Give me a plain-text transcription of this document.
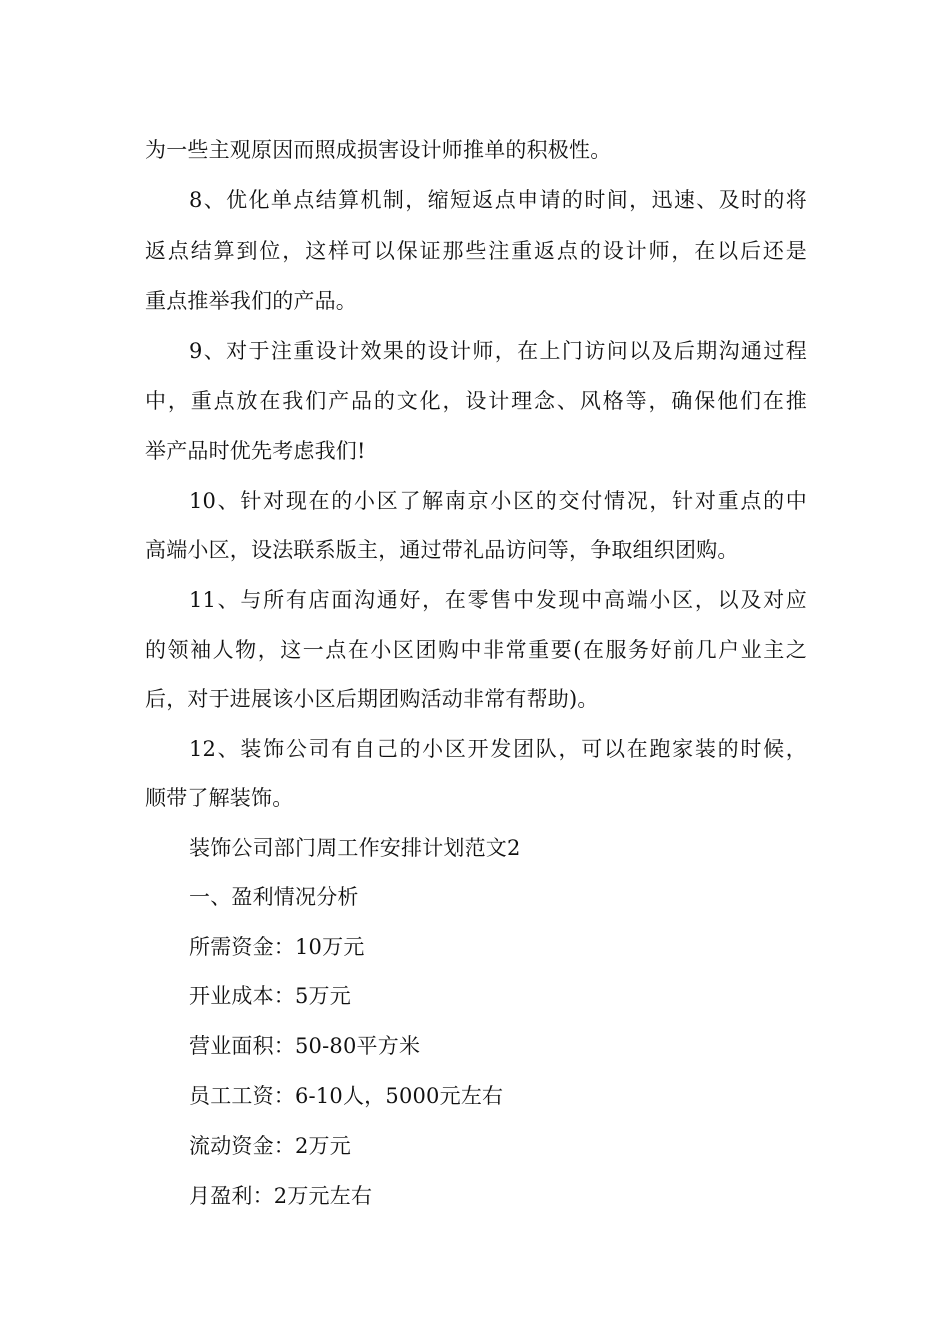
为一些主观原因而照成损害设计师推单的积极性。
8、优化单点结算机制，缩短返点申请的时间，迅速、及时的将
返点结算到位，这样可以保证那些注重返点的设计师，在以后还是
重点推举我们的产品。
9、对于注重设计效果的设计师，在上门访问以及后期沟通过程
中，重点放在我们产品的文化，设计理念、风格等，确保他们在推
举产品时优先考虑我们!
10、针对现在的小区了解南京小区的交付情况，针对重点的中
高端小区，设法联系版主，通过带礼品访问等，争取组织团购。
11、与所有店面沟通好，在零售中发现中高端小区，以及对应
的领袖人物，这一点在小区团购中非常重要(在服务好前几户业主之
后，对于进展该小区后期团购活动非常有帮助)。
12、装饰公司有自己的小区开发团队，可以在跑家装的时候，
顺带了解装饰。
装饰公司部门周工作安排计划范文2
一、盈利情况分析
所需资金：10万元
开业成本：5万元
营业面积：50-80平方米
员工工资：6-10人，5000元左右
流动资金：2万元
月盈利：2万元左右
